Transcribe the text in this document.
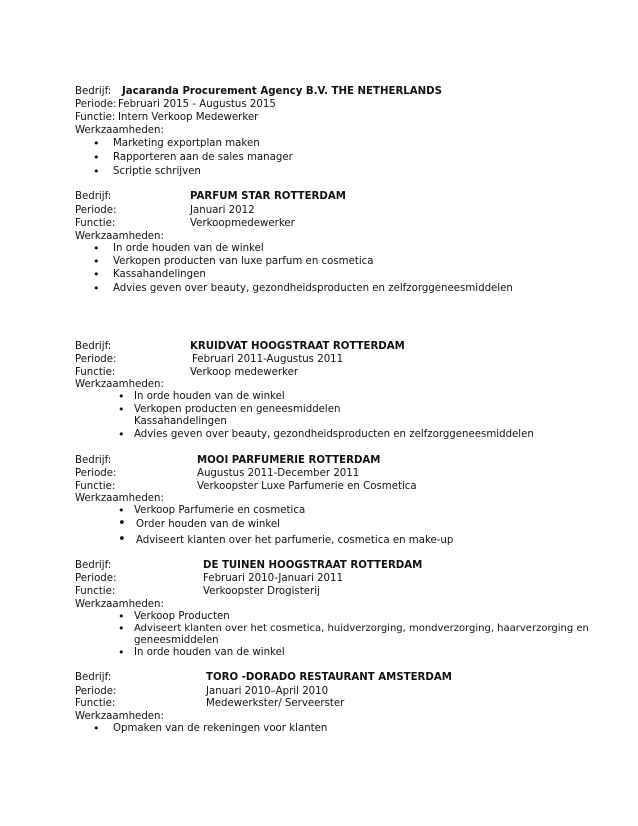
Bedrijf: Jacaranda Procurement Agency B.V. THE NETHERLANDS
Periode: Februari 2015 - Augustus 2015
Functie: Intern Verkoop Medewerker
Werkzaamheden:
• Marketing exportplan maken
• Rapporteren aan de sales manager
• Scriptie schrijven
Bedrijf:	PARFUM STAR ROTTERDAM
Periode:	Januari 2012
Functie:	Verkoopmedewerker
Werkzaamheden:
• In orde houden van de winkel
• Verkopen producten van luxe parfum en cosmetica
• Kassahandelingen
• Advies geven over beauty, gezondheidsproducten en zelfzorggeneesmiddelen
Bedrijf:	KRUIDVAT HOOGSTRAAT ROTTERDAM
Periode:	Februari 2011-Augustus 2011
Functie:	Verkoop medewerker
Werkzaamheden:
• In orde houden van de winkel
• Verkopen producten en geneesmiddelen
Kassahandelingen
• Advies geven over beauty, gezondheidsproducten en zelfzorggeneesmiddelen
Bedrijf:	MOOI PARFUMERIE ROTTERDAM
Periode:	Augustus 2011-December 2011
Functie:	Verkoopster Luxe Parfumerie en Cosmetica
Werkzaamheden:
• Verkoop Parfumerie en cosmetica
• Order houden van de winkel
• Adviseert klanten over het parfumerie, cosmetica en make-up
Bedrijf:	DE TUINEN HOOGSTRAAT ROTTERDAM
Periode:	Februari 2010-Januari 2011
Functie:	Verkoopster Drogisterij
Werkzaamheden:
• Verkoop Producten
• Adviseert klanten over het cosmetica, huidverzorging, mondverzorging, haarverzorging en
geneesmiddelen
• In orde houden van de winkel
Bedrijf:	TORO -DORADO RESTAURANT AMSTERDAM
Periode:	Januari 2010–April 2010
Functie:	Medewerkster/ Serveerster
Werkzaamheden:
• Opmaken van de rekeningen voor klanten
